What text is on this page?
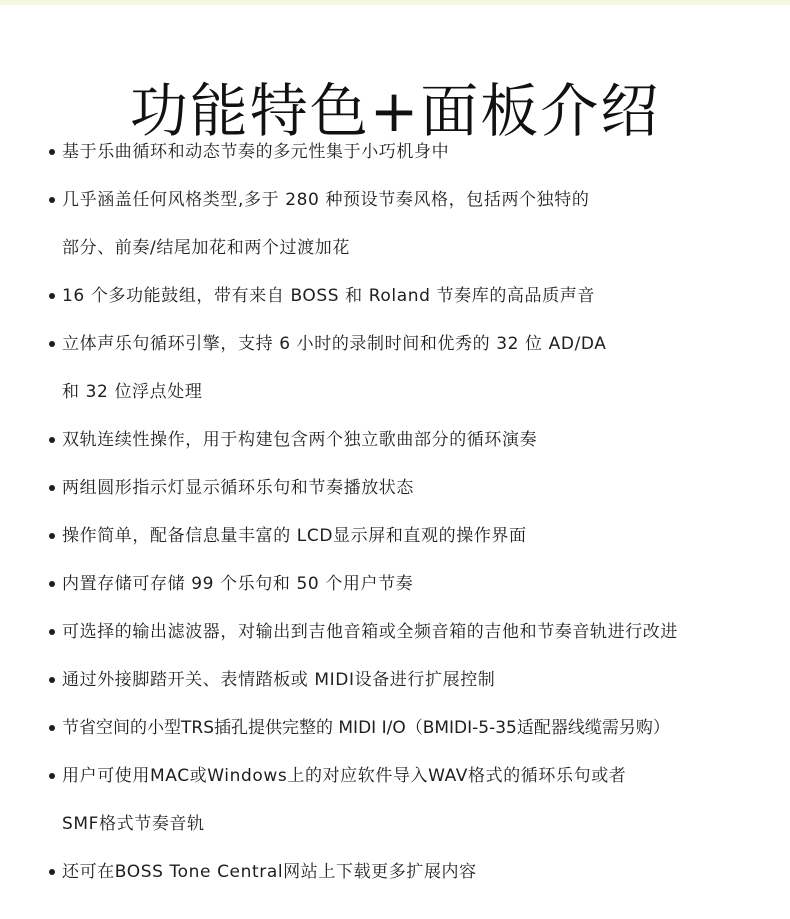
功能特色+面板介绍
基于乐曲循环和动态节奏的多元性集于小巧机身中
几乎涵盖任何风格类型,多于 280 种预设节奏风格，包括两个独特的
部分、前奏/结尾加花和两个过渡加花
16 个多功能鼓组，带有来自 BOSS 和 Roland 节奏库的高品质声音
立体声乐句循环引擎，支持 6 小时的录制时间和优秀的 32 位 AD/DA
和 32 位浮点处理
双轨连续性操作，用于构建包含两个独立歌曲部分的循环演奏
两组圆形指示灯显示循环乐句和节奏播放状态
操作简单，配备信息量丰富的 LCD显示屏和直观的操作界面
内置存储可存储 99 个乐句和 50 个用户节奏
可选择的输出滤波器，对输出到吉他音箱或全频音箱的吉他和节奏音轨进行改进
通过外接脚踏开关、表情踏板或 MIDI设备进行扩展控制
节省空间的小型TRS插孔提供完整的 MIDI I/O（BMIDI-5-35适配器线缆需另购）
用户可使用MAC或Windows上的对应软件导入WAV格式的循环乐句或者
SMF格式节奏音轨
还可在BOSS Tone Central网站上下载更多扩展内容
